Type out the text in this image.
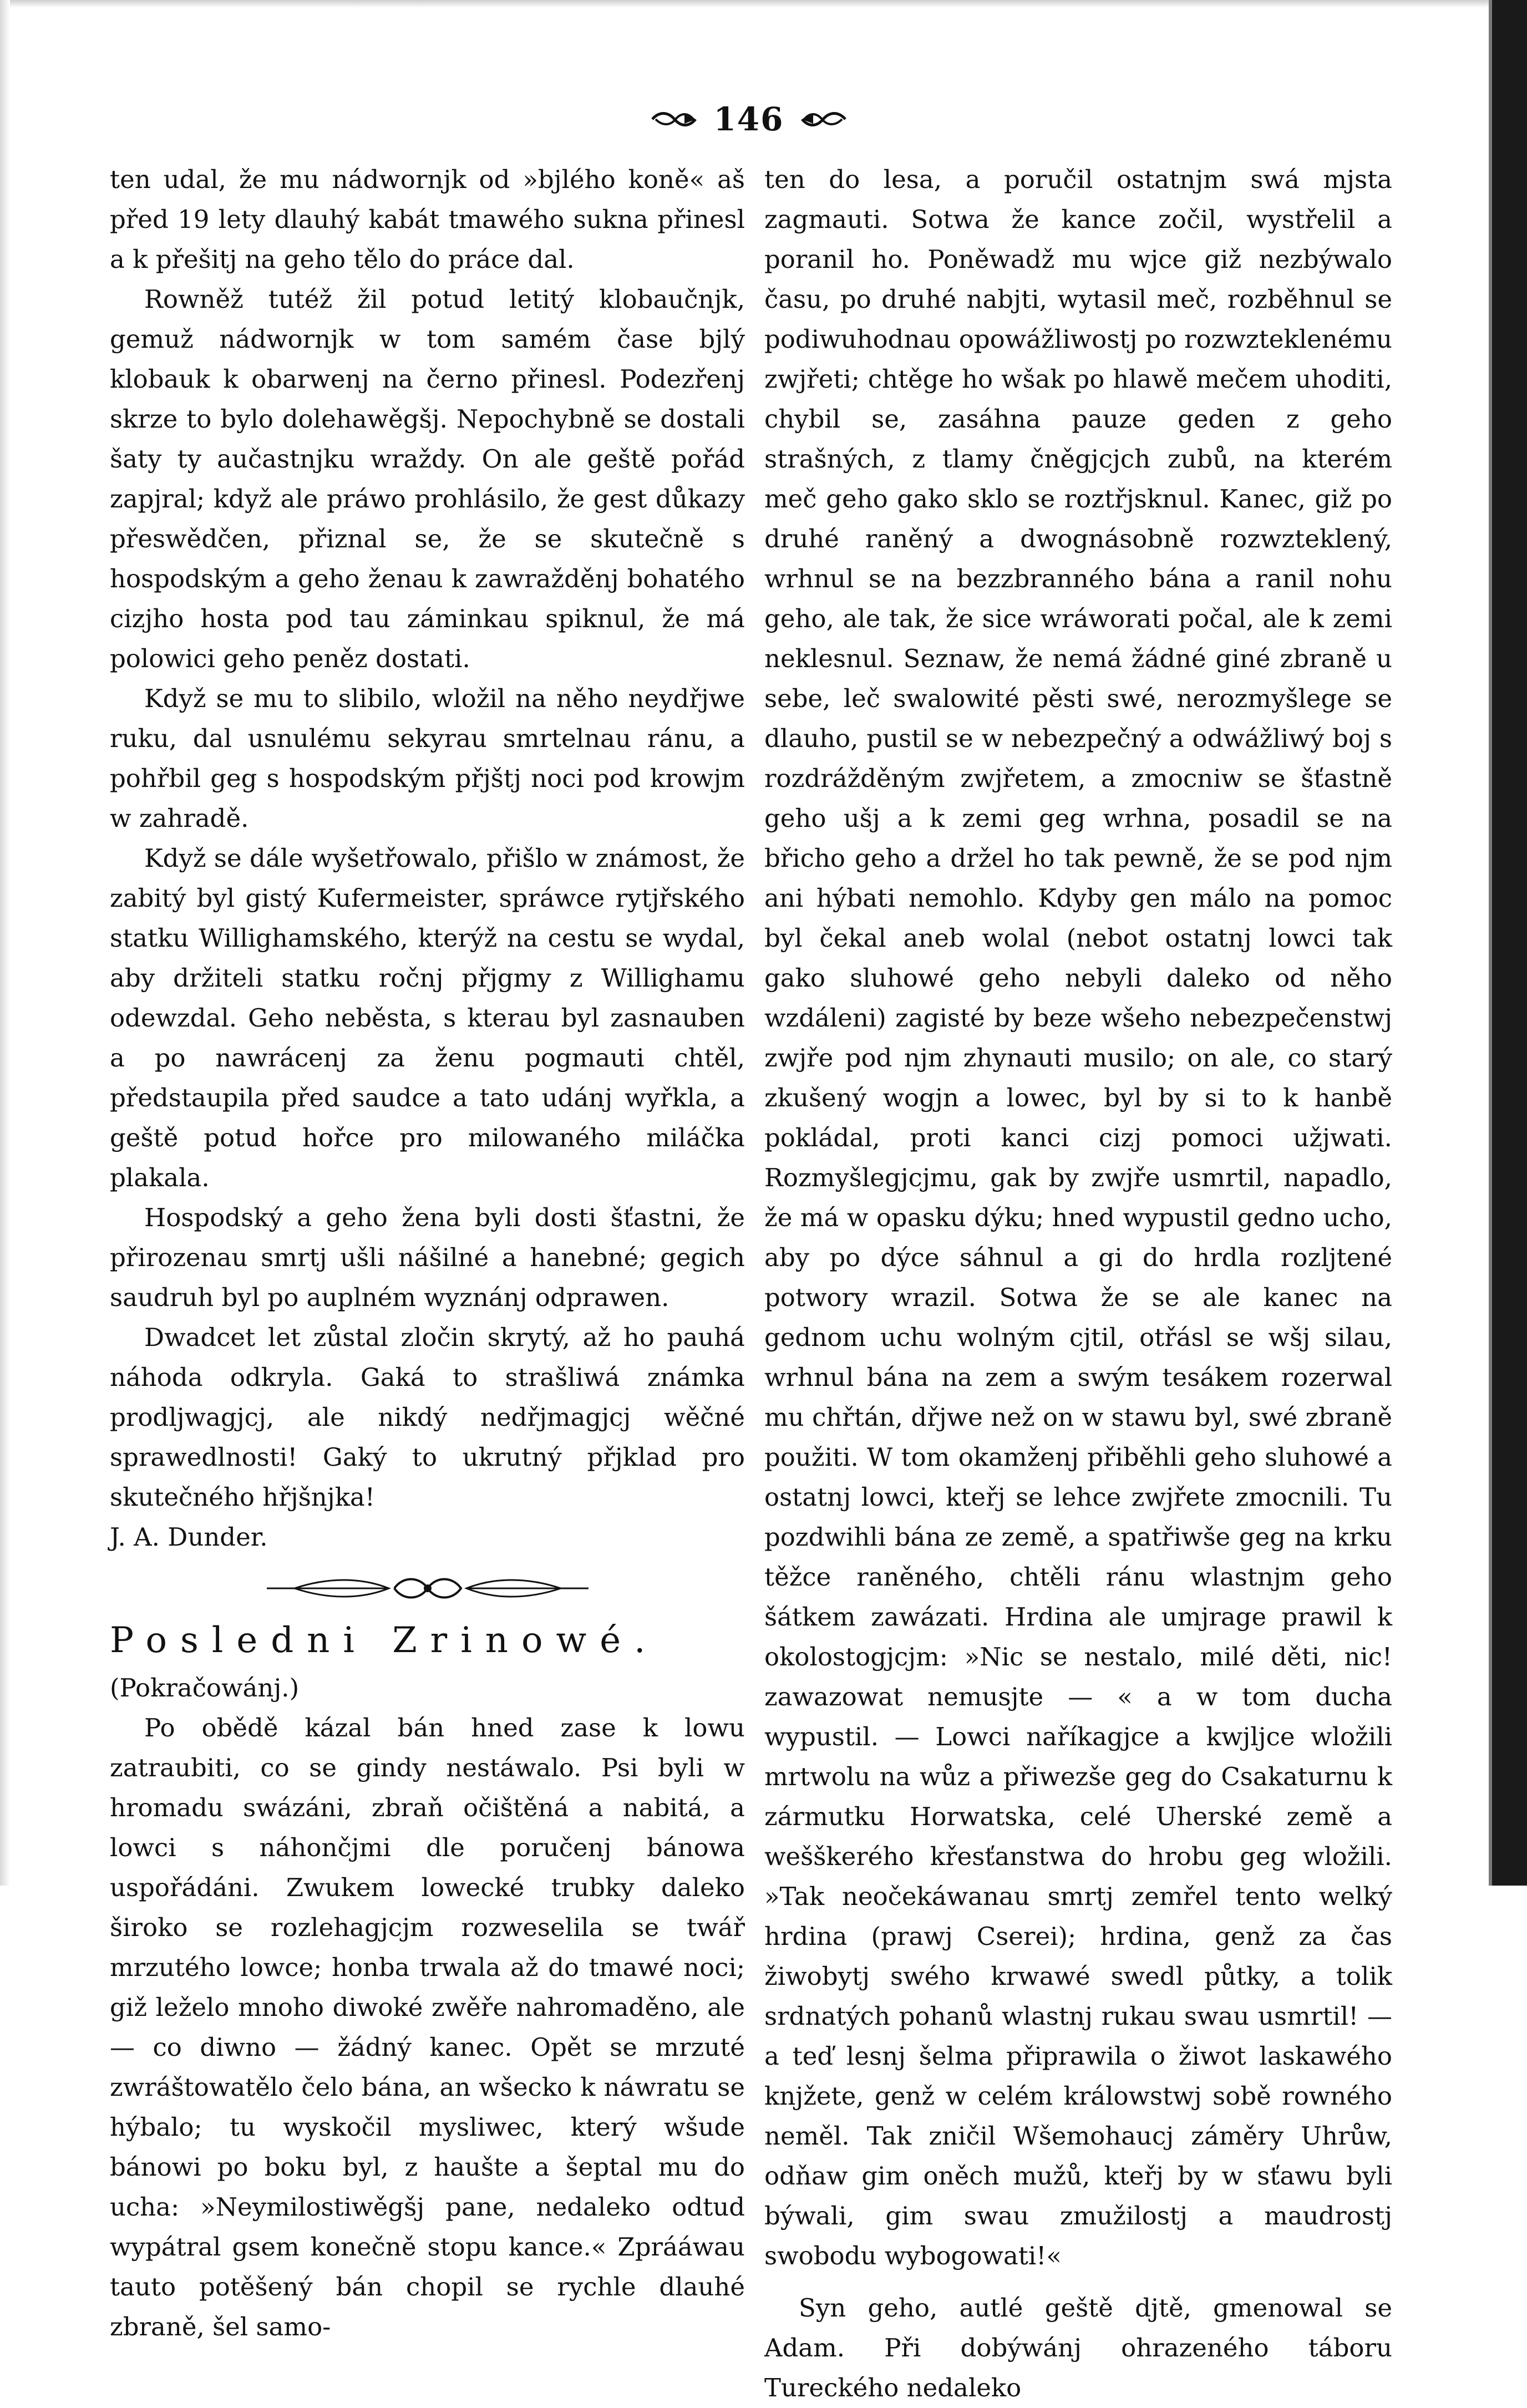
146

ten udal, že mu nádwornjk od »bjlého koně« aš před 19 lety dlauhý kabát tmawého sukna přinesl a k přešitj na geho tělo do práce dal.

Rowněž tutéž žil potud letitý klobaučnjk, gemuž nádwornjk w tom samém čase bjlý klobauk k obarwenj na černo přinesl. Podezřenj skrze to bylo dolehawěgšj. Nepochybně se dostali šaty ty aučastnjku wraždy. On ale geště pořád zapjral; když ale práwo prohlásilo, že gest důkazy přeswědčen, přiznal se, že se skutečně s hospodským a geho ženau k zawražděnj bohatého cizjho hosta pod tau záminkau spiknul, že má polowici geho peněz dostati.

Když se mu to slibilo, wložil na něho neydřjwe ruku, dal usnulému sekyrau smrtelnau ránu, a pohřbil geg s hospodským přjštj noci pod krowjm w zahradě.

Když se dále wyšetřowalo, přišlo w známost, že zabitý byl gistý Kufermeister, spráwce rytjřského statku Willighamského, kterýž na cestu se wydal, aby držiteli statku ročnj přjgmy z Willighamu odewzdal. Geho neběsta, s kterau byl zasnauben a po nawrácenj za ženu pogmauti chtěl, předstaupila před saudce a tato udánj wyřkla, a geště potud hořce pro milowaného miláčka plakala.

Hospodský a geho žena byli dosti šťastni, že přirozenau smrtj ušli nášilné a hanebné; gegich saudruh byl po auplném wyznánj odprawen.

Dwadcet let zůstal zločin skrytý, až ho pauhá náhoda odkryla. Gaká to strašliwá známka prodljwagjcj, ale nikdý nedřjmagjcj wěčné sprawedlnosti! Gaký to ukrutný přjklad pro skutečného hřjšnjka!

J. A. Dunder.

Posledni Zrinowé.

(Pokračowánj.)

Po obědě kázal bán hned zase k lowu zatraubiti, co se gindy nestáwalo. Psi byli w hromadu swázáni, zbraň očištěná a nabitá, a lowci s náhončjmi dle poručenj bánowa uspořádáni. Zwukem lowecké trubky daleko široko se rozlehagjcjm rozweselila se twář mrzutého lowce; honba trwala až do tmawé noci; giž leželo mnoho diwoké zwěře nahromaděno, ale — co diwno — žádný kanec. Opět se mrzuté zwráštowatělo čelo bána, an wšecko k náwratu se hýbalo; tu wyskočil myslіwec, který wšude bánowi po boku byl, z haušte a šeptal mu do ucha: »Neymilostiwěgšj pane, nedaleko odtud wypátral gsem konečně stopu kance.« Zprááwau tauto potěšený bán chopil se rychle dlauhé zbraně, šel samo-

ten do lesa, a poručil ostatnjm swá mjsta zagmauti. Sotwa že kance zočil, wystřelil a poranil ho. Poněwadž mu wjce giž nezbýwalo času, po druhé nabjti, wytasil meč, rozběhnul se podiwuhodnau opowážliwostj po rozwzteklenému zwjřeti; chtěge ho wšak po hlawě mečem uhoditi, chybil se, zasáhna pauze geden z geho strašných, z tlamy čněgjcjch zubů, na kterém meč geho gako sklo se roztřjsknul. Kanec, giž po druhé raněný a dwognásobně rozwzteklený, wrhnul se na bezzbranného bána a ranil nohu geho, ale tak, že sice wráworati počal, ale k zemi neklesnul. Seznaw, že nemá žádné giné zbraně u sebe, leč swalowité pěsti swé, nerozmyšlege se dlauho, pustil se w nebezpečný a odwážliwý boj s rozdrážděným zwjřetem, a zmocniw se šťastně geho ušj a k zemi geg wrhna, posadil se na břicho geho a držel ho tak pewně, že se pod njm ani hýbati nemohlo. Kdyby gen málo na pomoc byl čekal aneb wolal (nebot ostatnj lowci tak gako sluhowé geho nebyli daleko od něho wzdáleni) zagisté by beze wšeho nebezpečenstwj zwjře pod njm zhynauti musilo; on ale, co starý zkušený wogjn a lowec, byl by si to k hanbě pokládal, proti kanci cizj pomoci užjwati. Rozmyšlegjcjmu, gak by zwjře usmrtil, napadlo, že má w opasku dýku; hned wypustil gedno ucho, aby po dýce sáhnul a gi do hrdla rozljtené potwory wrazil. Sotwa že se ale kanec na gednom uchu wolným cjtil, otřásl se wšj silau, wrhnul bána na zem a swým tesákem rozerwal mu chřtán, dřjwe než on w stawu byl, swé zbraně použiti. W tom okamženj přiběhli geho sluhowé a ostatnj lowci, kteřj se lehce zwjřete zmocnili. Tu pozdwihli bána ze země, a spatřiwše geg na krku těžce raněného, chtěli ránu wlastnjm geho šátkem zawázati. Hrdina ale umjrage prawil k okolostogjcjm: »Nic se nestalo, milé děti, nic! zawazowat nemusjte — « a w tom ducha wypustil. — Lowci naříkagjce a kwjljce wložili mrtwolu na wůz a přiwezše geg do Csakaturnu k zármutku Horwatska, celé Uherské země a wešškerého křesťanstwa do hrobu geg wložili. »Tak neočekáwanau smrtj zemřel tento welký hrdina (prawj Cserei); hrdina, genž za čas žiwobytj swého krwawé swedl půtky, a tolik srdnatých pohanů wlastnj rukau swau usmrtil! — a teď lesnj šelma připrawila o žiwot laskawého knjžete, genž w celém králowstwj sobě rowného neměl. Tak zničil Wšemohaucj záměry Uhrůw, odňaw gim oněch mužů, kteřj by w sťawu byli býwali, gim swau zmužilostj a maudrostj swobodu wybogowati!«

Syn geho, autlé geště djtě, gmenowal se Adam. Při dobýwánj ohrazeného táboru Tureckého nedaleko
